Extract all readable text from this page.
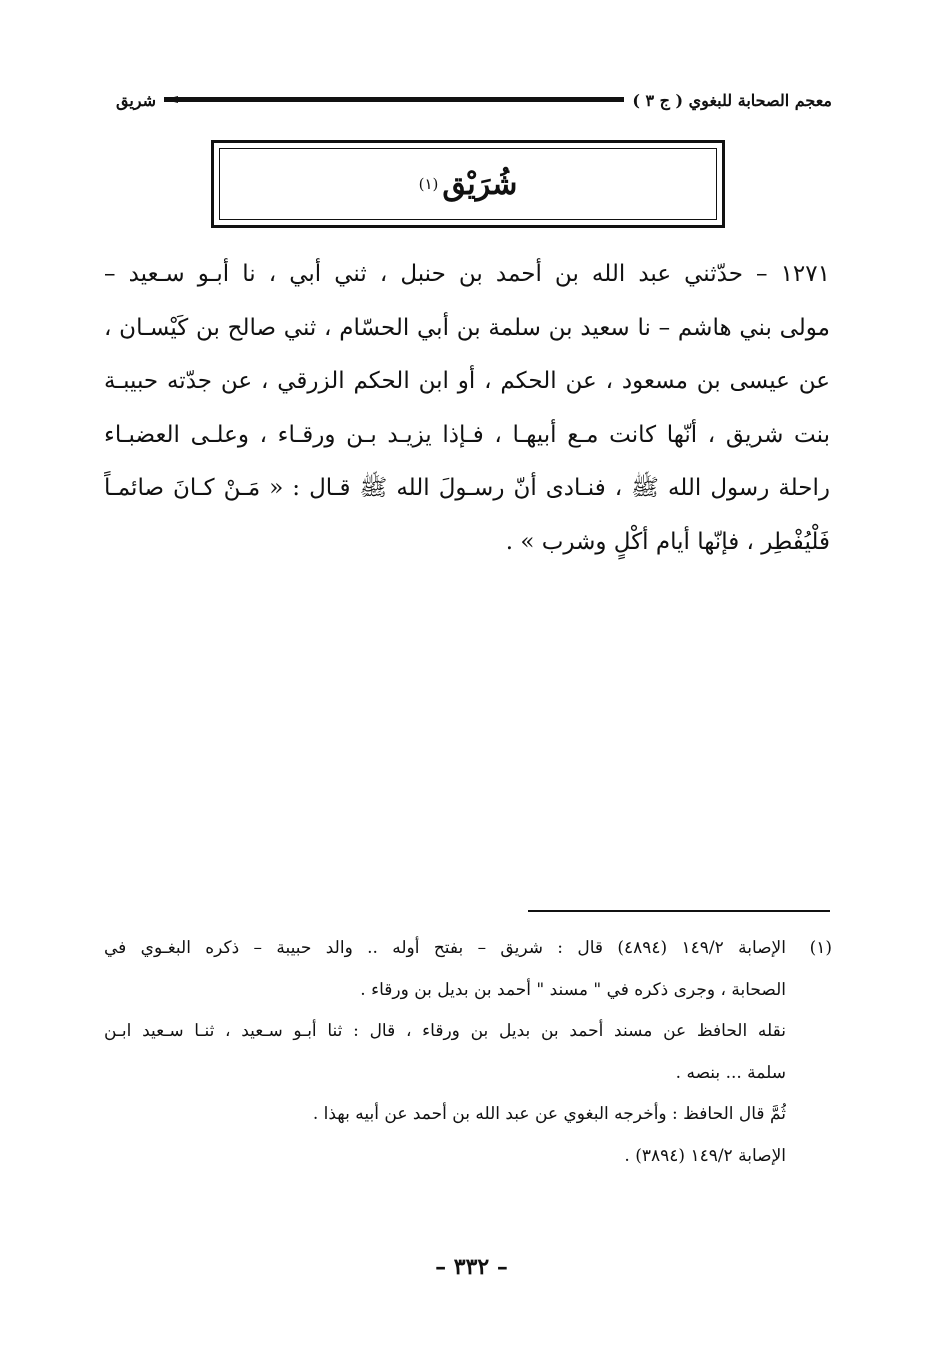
معجم الصحابة للبغوي ( ج ٣ )
شريق
شُرَيْق
(١)
١٢٧١ – حدّثني عبد الله بن أحمد بن حنبل ، ثني أبي ، نا أبـو سـعيد –
مولى بني هاشم – نا سعيد بن سلمة بن أبي الحسّام ، ثني صالح بن كَيْسـان ،
عن عيسى بن مسعود ، عن الحكم ، أو ابن الحكم الزرقي ، عن جدّته حبيبـة
بنت شريق ، أنّها كانت مـع أبيهـا ، فـإذا يزيـد بـن ورقـاء ، وعلـى العضبـاء
راحلة رسول الله ﷺ ، فنـادى أنّ رسـولَ الله ﷺ قـال : « مَـنْ كـانَ صائمـاً
فَلْيُفْطِر ، فإنّها أيام أكْلٍ وشرب » .
(١)
الإصابة ١٤٩/٢ (٤٨٩٤) قال : شريق – بفتح أوله .. والد حبيبة – ذكره البغـوي في
الصحابة ، وجرى ذكره في " مسند " أحمد بن بديل بن ورقاء .
نقله الحافظ عن مسند أحمد بن بديل بن ورقاء ، قال : ثنا أبـو سـعيد ، ثنـا سـعيد ابـن
سلمة ... بنصه .
ثُمَّ قال الحافظ : وأخرجه البغوي عن عبد الله بن أحمد عن أبيه بهذا .
الإصابة ١٤٩/٢ (٣٨٩٤) .
– ٣٣٢ –
